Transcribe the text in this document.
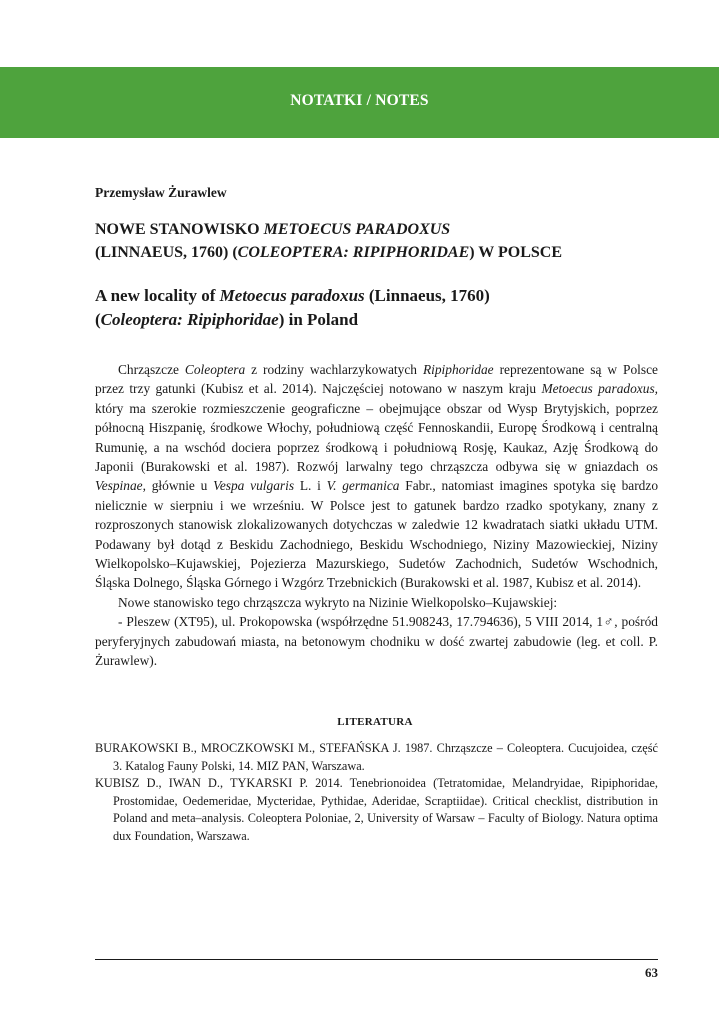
NOTATKI / NOTES
Przemysław Żurawlew
NOWE STANOWISKO METOECUS PARADOXUS
(LINNAEUS, 1760) (COLEOPTERA: RIPIPHORIDAE) W POLSCE
A new locality of Metoecus paradoxus (Linnaeus, 1760)
(Coleoptera: Ripiphoridae) in Poland

Chrząszcze Coleoptera z rodziny wachlarzykowatych Ripiphoridae reprezentowane są w Polsce przez trzy gatunki (Kubisz et al. 2014). Najczęściej notowano w naszym kraju Metoecus paradoxus, który ma szerokie rozmieszczenie geograficzne – obejmujące obszar od Wysp Brytyjskich, poprzez północną Hiszpanię, środkowe Włochy, południową część Fennoskandii, Europę Środkową i centralną Rumunię, a na wschód dociera poprzez środkową i południową Rosję, Kaukaz, Azję Środkową do Japonii (Burakowski et al. 1987). Rozwój larwalny tego chrząszcza odbywa się w gniazdach os Vespinae, głównie u Vespa vulgaris L. i V. germanica Fabr., natomiast imagines spotyka się bardzo nielicznie w sierpniu i we wrześniu. W Polsce jest to gatunek bardzo rzadko spotykany, znany z rozproszonych stanowisk zlokalizowanych dotychczas w zaledwie 12 kwadratach siatki układu UTM. Podawany był dotąd z Beskidu Zachodniego, Beskidu Wschodniego, Niziny Mazowieckiej, Niziny Wielkopolsko–Kujawskiej, Pojezierza Mazurskiego, Sudetów Zachodnich, Sudetów Wschodnich, Śląska Dolnego, Śląska Górnego i Wzgórz Trzebnickich (Burakowski et al. 1987, Kubisz et al. 2014).

Nowe stanowisko tego chrząszcza wykryto na Nizinie Wielkopolsko–Kujawskiej:

- Pleszew (XT95), ul. Prokopowska (współrzędne 51.908243, 17.794636), 5 VIII 2014, 1♂, pośród peryferyjnych zabudowań miasta, na betonowym chodniku w dość zwartej zabudowie (leg. et coll. P. Żurawlew).

LITERATURA
BURAKOWSKI B., MROCZKOWSKI M., STEFAŃSKA J. 1987. Chrząszcze – Coleoptera. Cucujoidea, część 3. Katalog Fauny Polski, 14. MIZ PAN, Warszawa.
KUBISZ D., IWAN D., TYKARSKI P. 2014. Tenebrionoidea (Tetratomidae, Melandryidae, Ripiphoridae, Prostomidae, Oedemeridae, Mycteridae, Pythidae, Aderidae, Scraptiidae). Critical checklist, distribution in Poland and meta–analysis. Coleoptera Poloniae, 2, University of Warsaw – Faculty of Biology. Natura optima dux Foundation, Warszawa.
63
